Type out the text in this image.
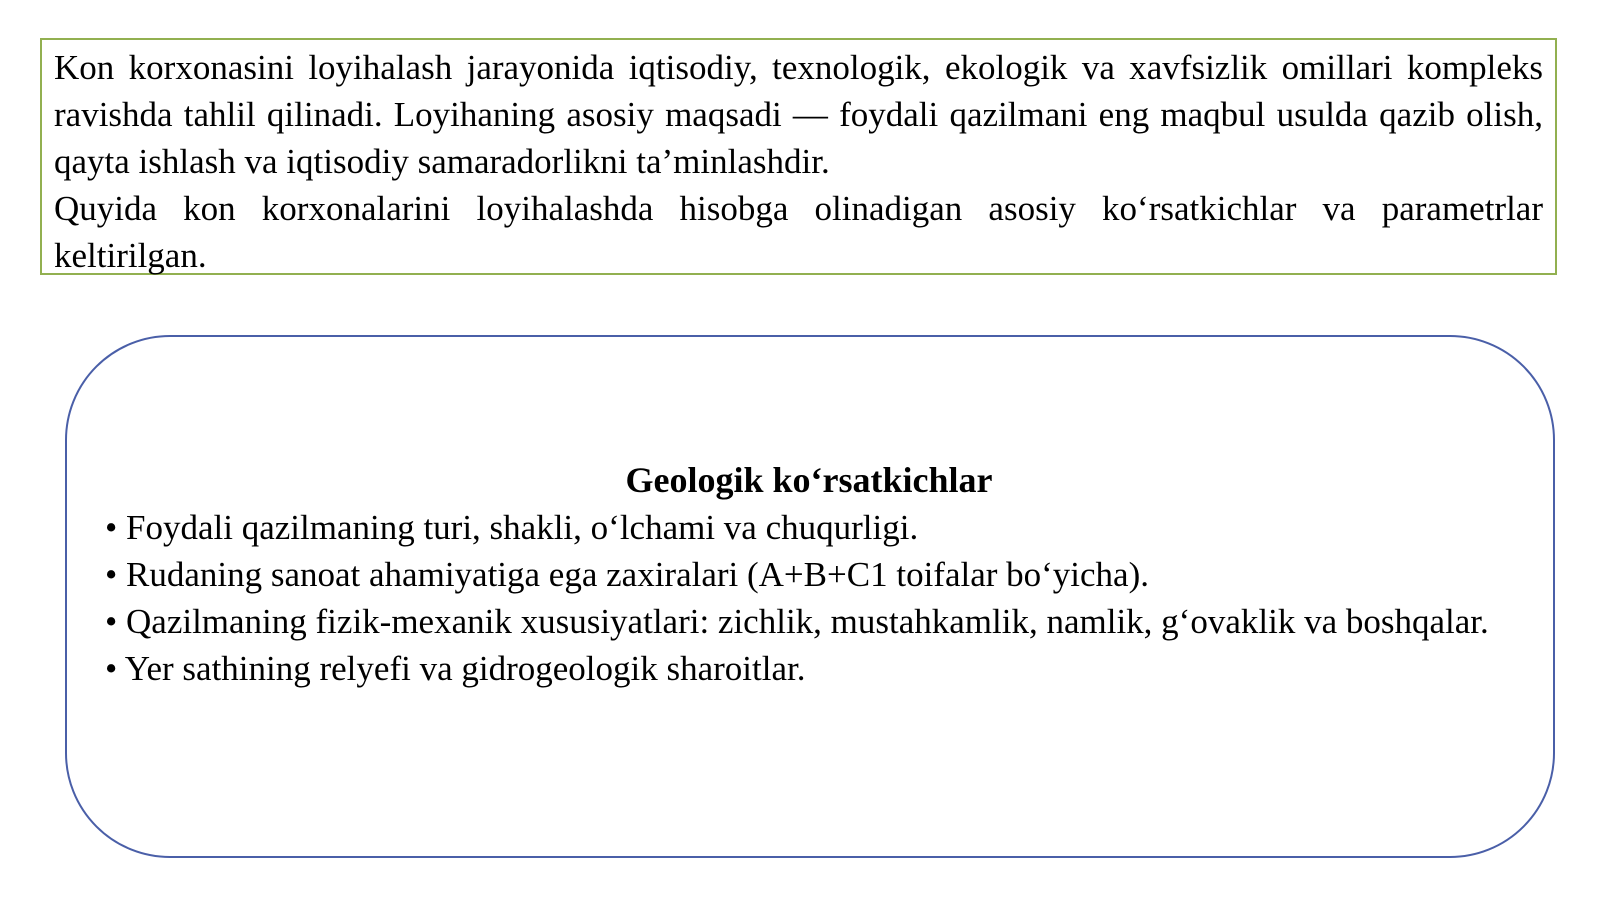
Kon korxonasini loyihalash jarayonida iqtisodiy, texnologik, ekologik va xavfsizlik omillari kompleks ravishda tahlil qilinadi. Loyihaning asosiy maqsadi — foydali qazilmani eng maqbul usulda qazib olish, qayta ishlash va iqtisodiy samaradorlikni ta’minlashdir.

Quyida kon korxonalarini loyihalashda hisobga olinadigan asosiy ko‘rsatkichlar va parametrlar keltirilgan.

Geologik ko‘rsatkichlar
• Foydali qazilmaning turi, shakli, o‘lchami va chuqurligi.
• Rudaning sanoat ahamiyatiga ega zaxiralari (A+B+C1 toifalar bo‘yicha).
• Qazilmaning fizik-mexanik xususiyatlari: zichlik, mustahkamlik, namlik, g‘ovaklik va boshqalar.
• Yer sathining relyefi va gidrogeologik sharoitlar.
